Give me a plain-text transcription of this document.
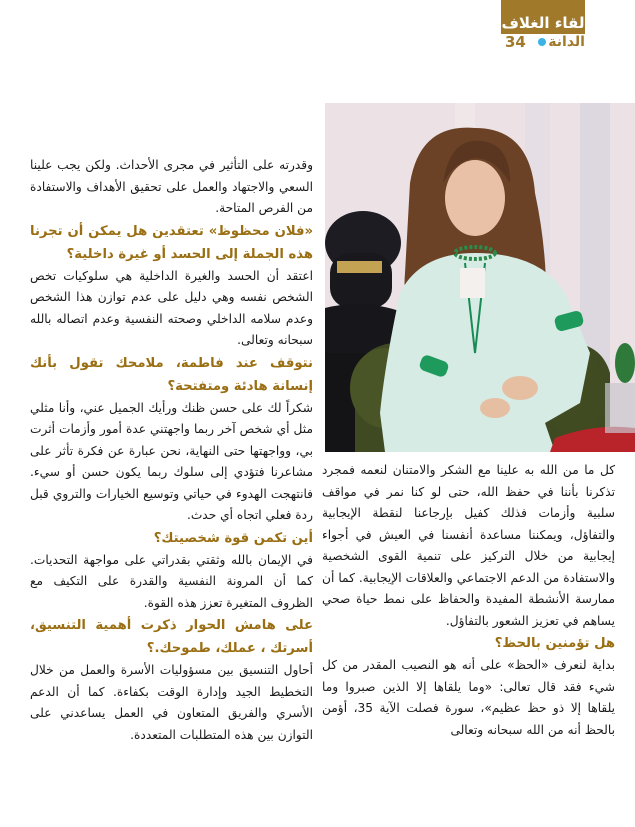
لقاء الغلاف
34 الدانة

وقدرته على التأثير في مجرى الأحداث. ولكن يجب علينا السعي والاجتهاد والعمل على تحقيق الأهداف والاستفادة من الفرص المتاحة.

«فلان محظوظ» تعتقدين هل يمكن أن تجرنا هذه الجملة إلى الحسد أو غيرة داخلية؟

اعتقد أن الحسد والغيرة الداخلية هي سلوكيات تخص الشخص نفسه وهي دليل على عدم توازن هذا الشخص وعدم سلامه الداخلي وصحته النفسية وعدم اتصاله بالله سبحانه وتعالى.

نتوقف عند فاطمة، ملامحك تقول بأنك إنسانة هادئة ومتفتحة؟

شكراً لك على حسن ظنك ورأيك الجميل عني، وأنا مثلي مثل أي شخص آخر ربما واجهتني عدة أمور وأزمات أثرت بي، وواجهتها حتى النهاية، نحن عبارة عن فكرة تأثر على مشاعرنا فتؤدي إلى سلوك ربما يكون حسن أو سيء. فانتهجت الهدوء في حياتي وتوسيع الخيارات والتروي قبل ردة فعلي اتجاه أي حدث.

أين تكمن قوة شخصيتك؟

في الإيمان بالله وثقتي بقدراتي على مواجهة التحديات. كما أن المرونة النفسية والقدرة على التكيف مع الظروف المتغيرة تعزز هذه القوة.

على هامش الحوار ذكرت أهمية التنسيق، أسرتك ، عملك، طموحك.؟

أحاول التنسيق بين مسؤوليات الأسرة والعمل من خلال التخطيط الجيد وإدارة الوقت بكفاءة. كما أن الدعم الأسري والفريق المتعاون في العمل يساعدني على التوازن بين هذه المتطلبات المتعددة.

كل ما من الله به علينا مع الشكر والامتنان لنعمه فمجرد تذكرنا بأننا في حفظ الله، حتى لو كنا نمر في مواقف سلبية وأزمات فذلك كفيل بإرجاعنا لنقطة الإيجابية والتفاؤل، ويمكننا مساعدة أنفسنا في العيش في أجواء إيجابية من خلال التركيز على تنمية القوى الشخصية والاستفادة من الدعم الاجتماعي والعلاقات الإيجابية. كما أن ممارسة الأنشطة المفيدة والحفاظ على نمط حياة صحي يساهم في تعزيز الشعور بالتفاؤل.

هل تؤمنين بالحظ؟

بداية لنعرف «الحظ» على أنه هو النصيب المقدر من كل شيء فقد قال تعالى: «وما يلقاها إلا الذين صبروا وما يلقاها إلا ذو حظ عظيم»، سورة فصلت الآية 35، أؤمن بالحظ أنه من الله سبحانه وتعالى
